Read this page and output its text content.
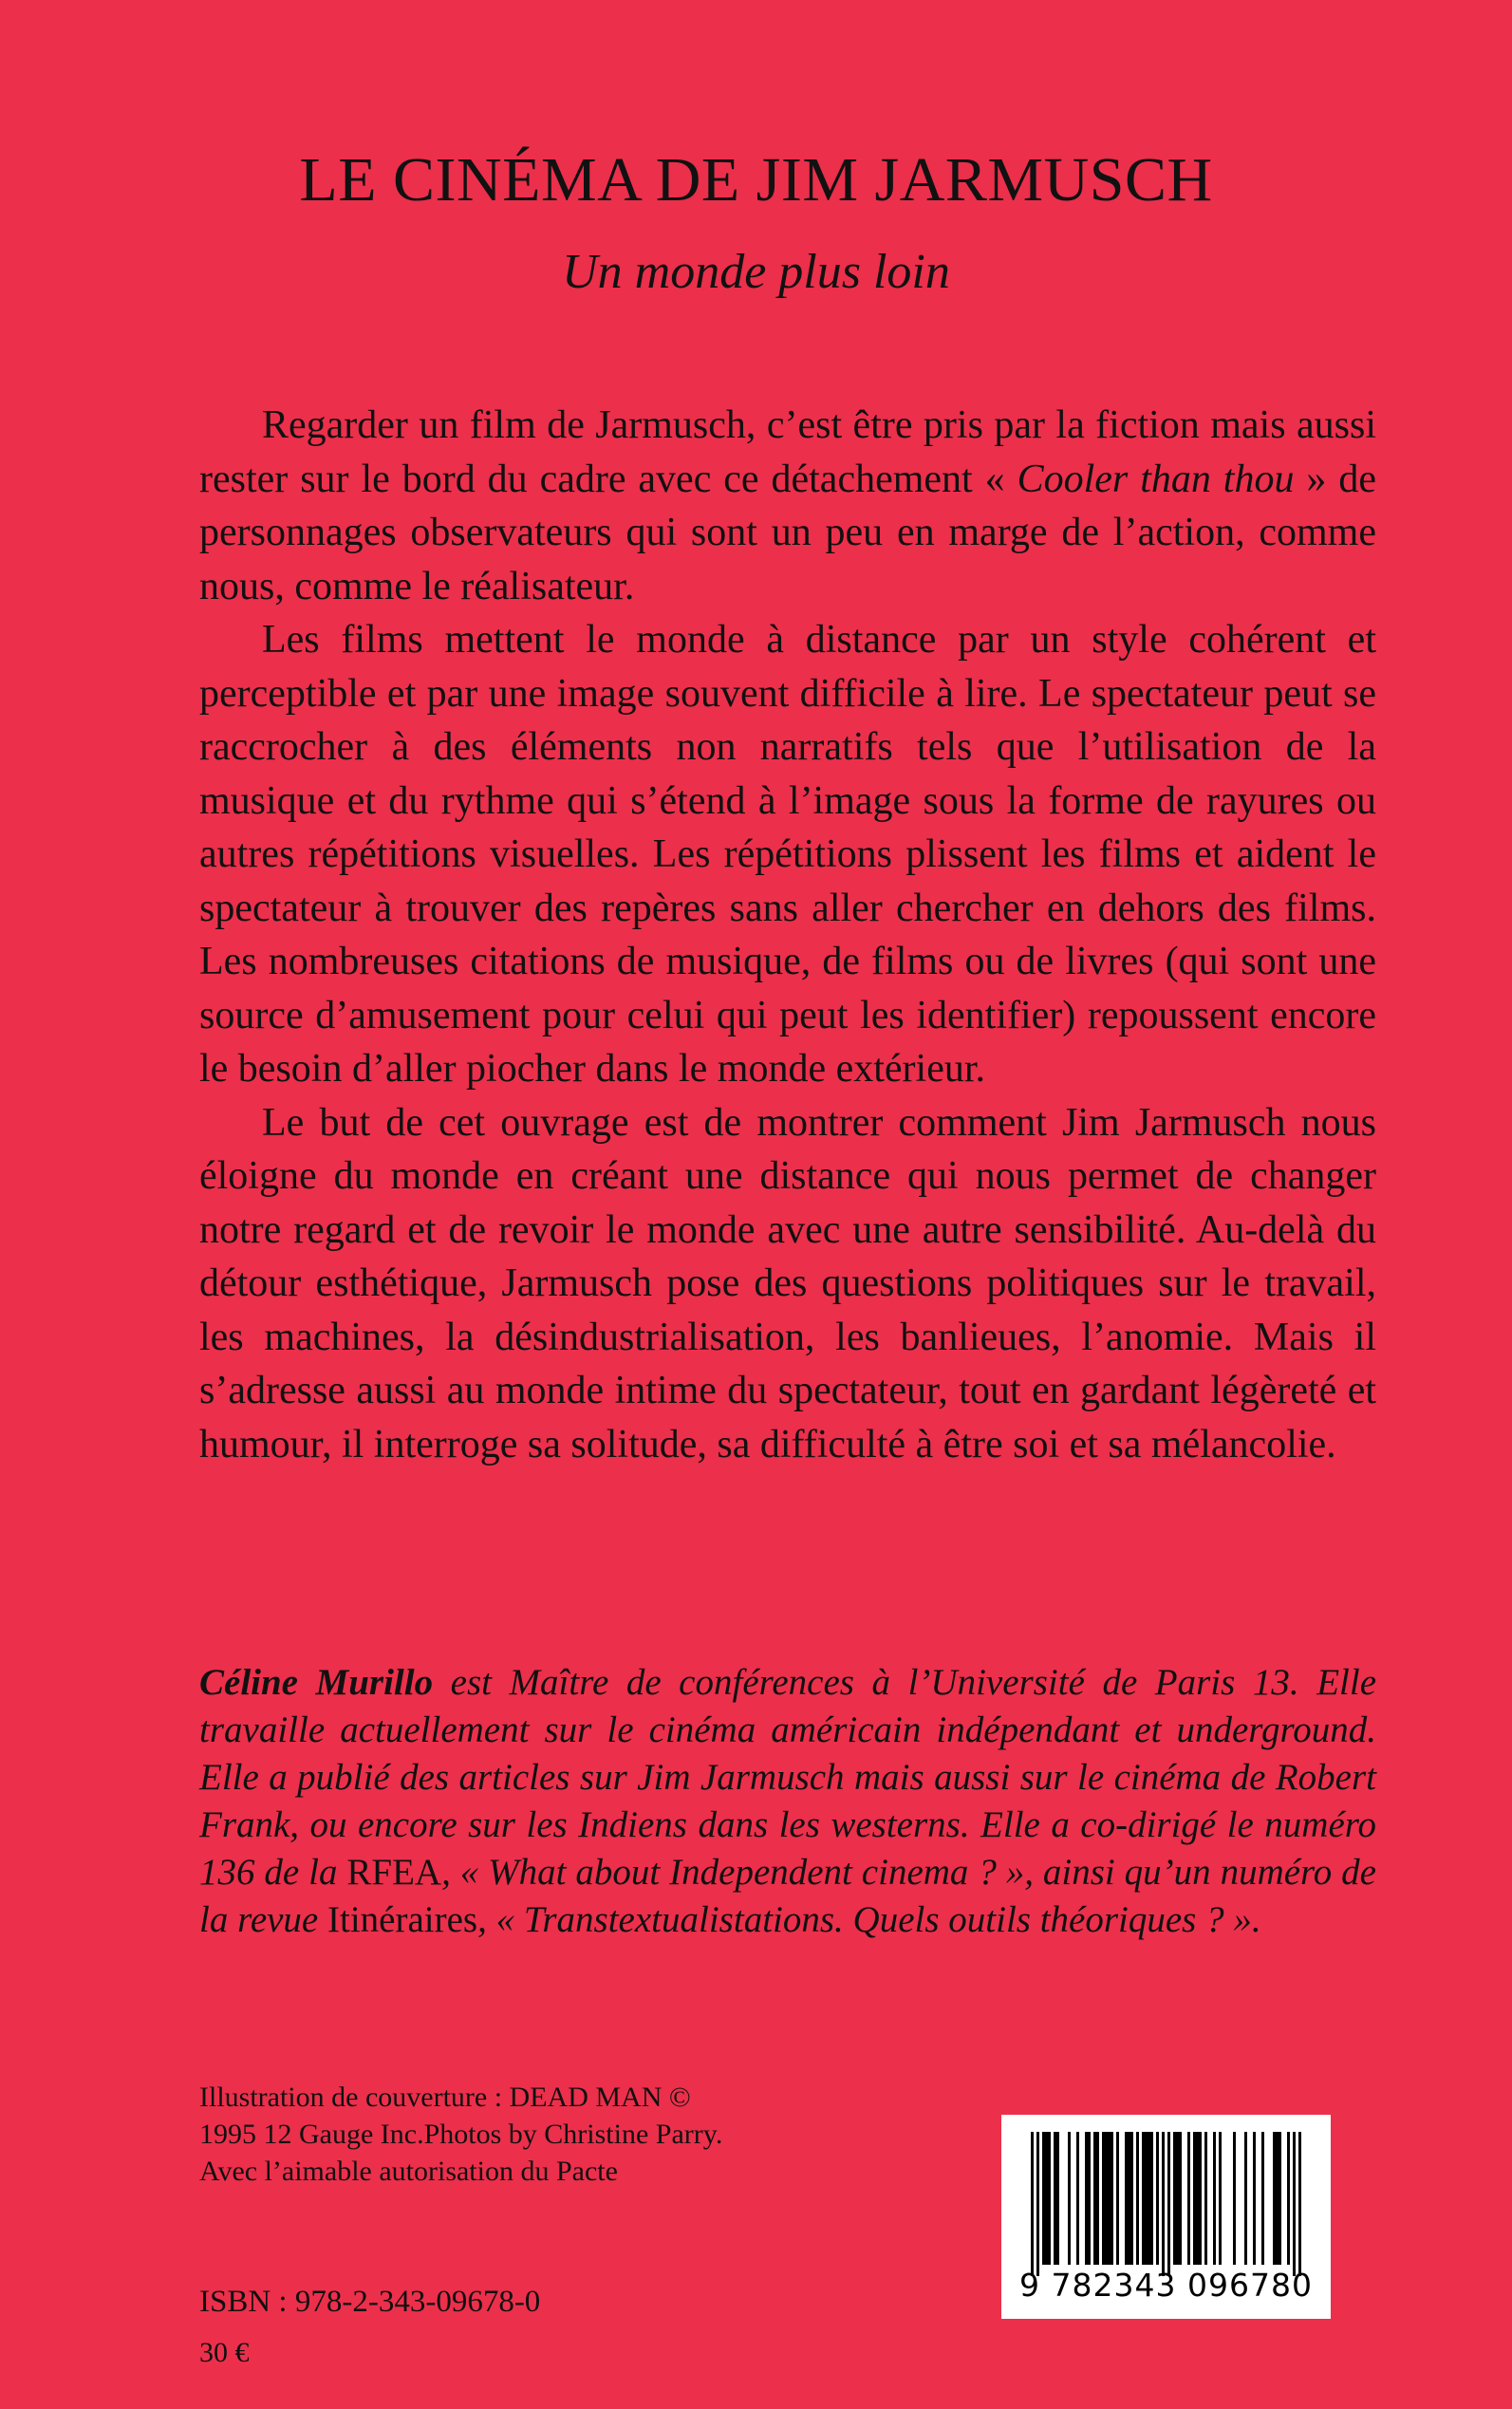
LE CINÉMA DE JIM JARMUSCH
Un monde plus loin

Regarder un film de Jarmusch, c’est être pris par la fiction mais aussi rester sur le bord du cadre avec ce détachement « Cooler than thou » de personnages observateurs qui sont un peu en marge de l’action, comme nous, comme le réalisateur.

Les films mettent le monde à distance par un style cohérent et perceptible et par une image souvent difficile à lire. Le spectateur peut se raccrocher à des éléments non narratifs tels que l’utilisation de la musique et du rythme qui s’étend à l’image sous la forme de rayures ou autres répétitions visuelles. Les répétitions plissent les films et aident le spectateur à trouver des repères sans aller chercher en dehors des films. Les nombreuses citations de musique, de films ou de livres (qui sont une source d’amusement pour celui qui peut les identifier) repoussent encore le besoin d’aller piocher dans le monde extérieur.

Le but de cet ouvrage est de montrer comment Jim Jarmusch nous éloigne du monde en créant une distance qui nous permet de changer notre regard et de revoir le monde avec une autre sensibilité. Au-delà du détour esthétique, Jarmusch pose des questions politiques sur le travail, les machines, la désindustrialisation, les banlieues, l’anomie. Mais il s’adresse aussi au monde intime du spectateur, tout en gardant légèreté et humour, il interroge sa solitude, sa difficulté à être soi et sa mélancolie.

Céline Murillo est Maître de conférences à l’Université de Paris 13. Elle travaille actuellement sur le cinéma américain indépendant et underground. Elle a publié des articles sur Jim Jarmusch mais aussi sur le cinéma de Robert Frank, ou encore sur les Indiens dans les westerns. Elle a co-dirigé le numéro 136 de la RFEA, « What about Independent cinema ? », ainsi qu’un numéro de la revue Itinéraires, « Transtextualistations. Quels outils théoriques ? ».
Illustration de couverture : DEAD MAN ©
1995 12 Gauge Inc.Photos by Christine Parry.
Avec l’aimable autorisation du Pacte
ISBN : 978-2-343-09678-0
30 €
9 782343 096780
